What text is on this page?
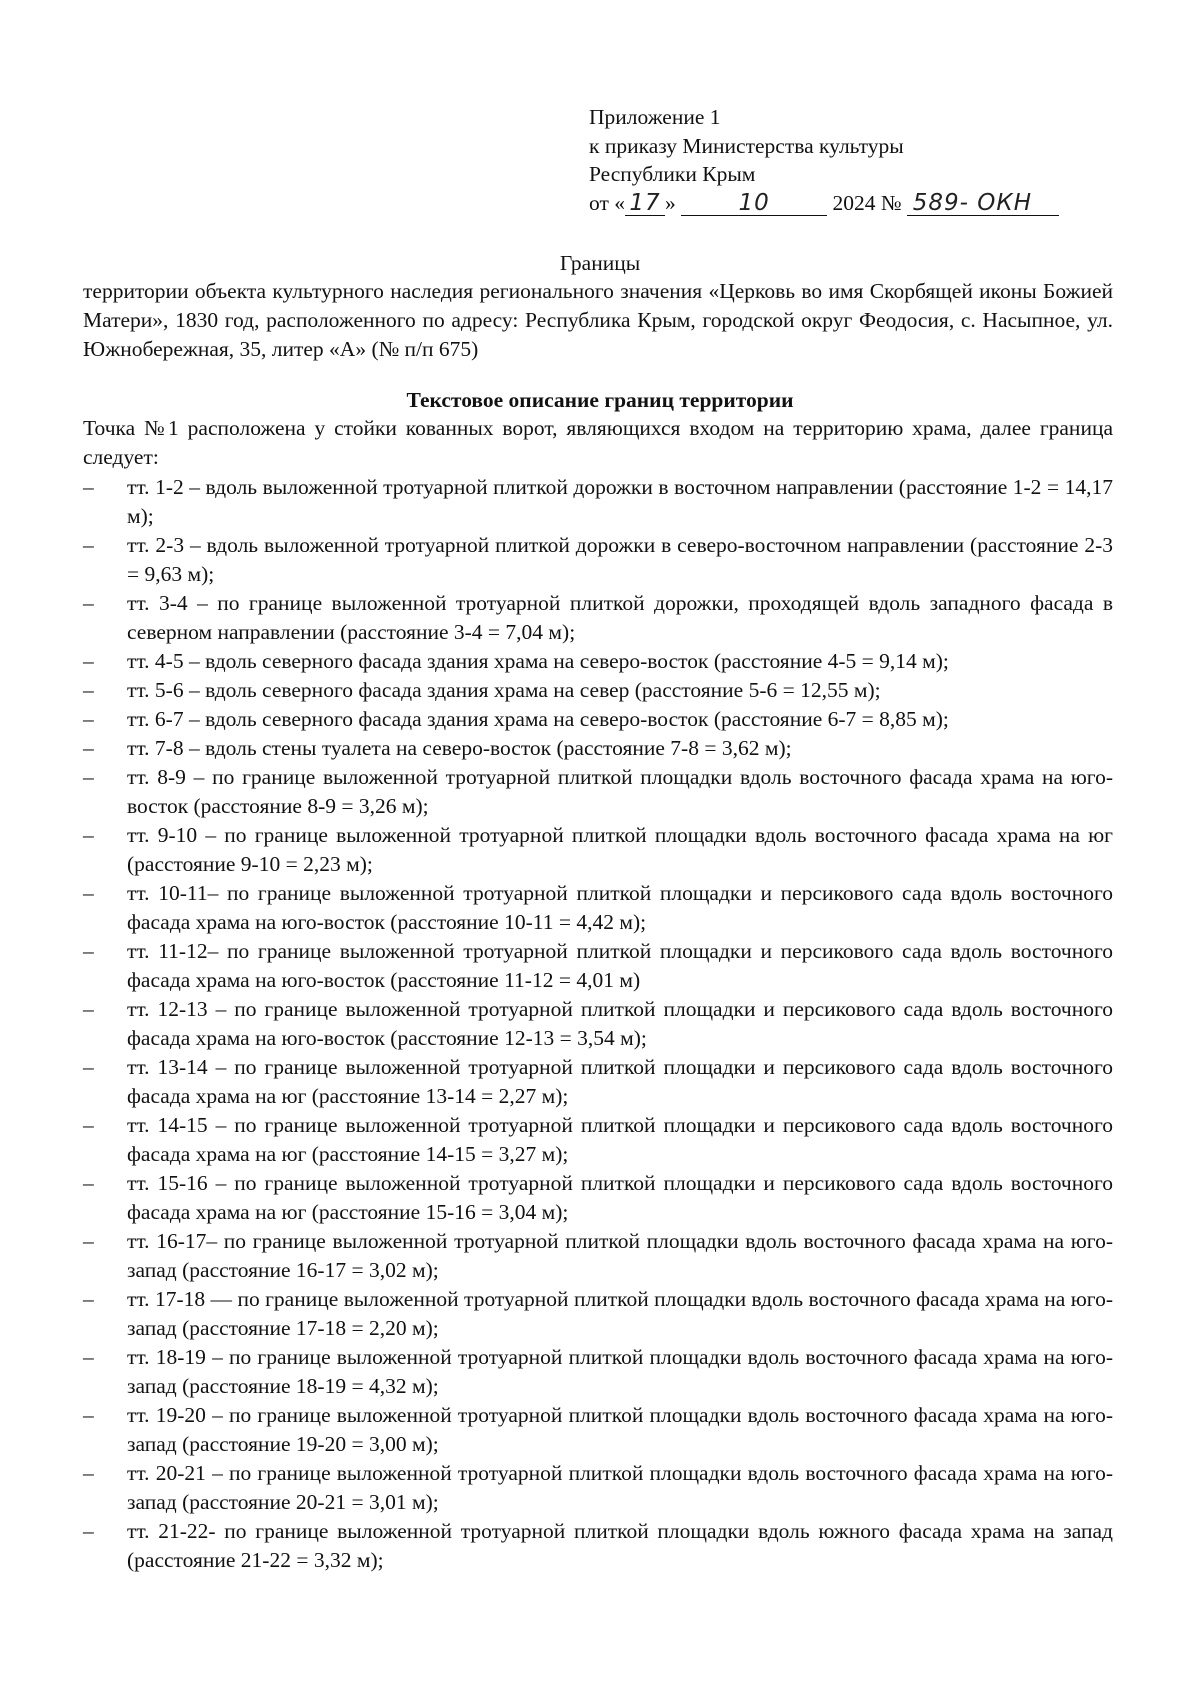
Приложение 1
к приказу Министерства культуры
Республики Крым
от « 17 »	10	2024 № 589- ОКН
Границы
территории объекта культурного наследия регионального значения «Церковь во имя Скорбящей иконы Божией Матери», 1830 год, расположенного по адресу: Республика Крым, городской округ Феодосия, с. Насыпное, ул. Южнобережная, 35, литер «А» (№ п/п 675)
Текстовое описание границ территории
Точка №1 расположена у стойки кованных ворот, являющихся входом на территорию храма, далее граница следует:
– тт. 1-2 – вдоль выложенной тротуарной плиткой дорожки в восточном направлении (расстояние 1-2 = 14,17 м);
– тт. 2-3 – вдоль выложенной тротуарной плиткой дорожки в северо-восточном направлении (расстояние 2-3 = 9,63 м);
– тт. 3-4 – по границе выложенной тротуарной плиткой дорожки, проходящей вдоль западного фасада в северном направлении (расстояние 3-4 = 7,04 м);
– тт. 4-5 – вдоль северного фасада здания храма на северо-восток (расстояние 4-5 = 9,14 м);
– тт. 5-6 – вдоль северного фасада здания храма на север (расстояние 5-6 = 12,55 м);
– тт. 6-7 – вдоль северного фасада здания храма на северо-восток (расстояние 6-7 = 8,85 м);
– тт. 7-8 – вдоль стены туалета на северо-восток (расстояние 7-8 = 3,62 м);
– тт. 8-9 – по границе выложенной тротуарной плиткой площадки вдоль восточного фасада храма на юго-восток (расстояние 8-9 = 3,26 м);
– тт. 9-10 – по границе выложенной тротуарной плиткой площадки вдоль восточного фасада храма на юг (расстояние 9-10 = 2,23 м);
– тт. 10-11– по границе выложенной тротуарной плиткой площадки и персикового сада вдоль восточного фасада храма на юго-восток (расстояние 10-11 = 4,42 м);
– тт. 11-12– по границе выложенной тротуарной плиткой площадки и персикового сада вдоль восточного фасада храма на юго-восток (расстояние 11-12 = 4,01 м)
– тт. 12-13 – по границе выложенной тротуарной плиткой площадки и персикового сада вдоль восточного фасада храма на юго-восток (расстояние 12-13 = 3,54 м);
– тт. 13-14 – по границе выложенной тротуарной плиткой площадки и персикового сада вдоль восточного фасада храма на юг (расстояние 13-14 = 2,27 м);
– тт. 14-15 – по границе выложенной тротуарной плиткой площадки и персикового сада вдоль восточного фасада храма на юг (расстояние 14-15 = 3,27 м);
– тт. 15-16 – по границе выложенной тротуарной плиткой площадки и персикового сада вдоль восточного фасада храма на юг (расстояние 15-16 = 3,04 м);
– тт. 16-17– по границе выложенной тротуарной плиткой площадки вдоль восточного фасада храма на юго-запад (расстояние 16-17 = 3,02 м);
– тт. 17-18 — по границе выложенной тротуарной плиткой площадки вдоль восточного фасада храма на юго-запад (расстояние 17-18 = 2,20 м);
– тт. 18-19 – по границе выложенной тротуарной плиткой площадки вдоль восточного фасада храма на юго-запад (расстояние 18-19 = 4,32 м);
– тт. 19-20 – по границе выложенной тротуарной плиткой площадки вдоль восточного фасада храма на юго-запад (расстояние 19-20 = 3,00 м);
– тт. 20-21 – по границе выложенной тротуарной плиткой площадки вдоль восточного фасада храма на юго-запад (расстояние 20-21 = 3,01 м);
– тт. 21-22- по границе выложенной тротуарной плиткой площадки вдоль южного фасада храма на запад (расстояние 21-22 = 3,32 м);
